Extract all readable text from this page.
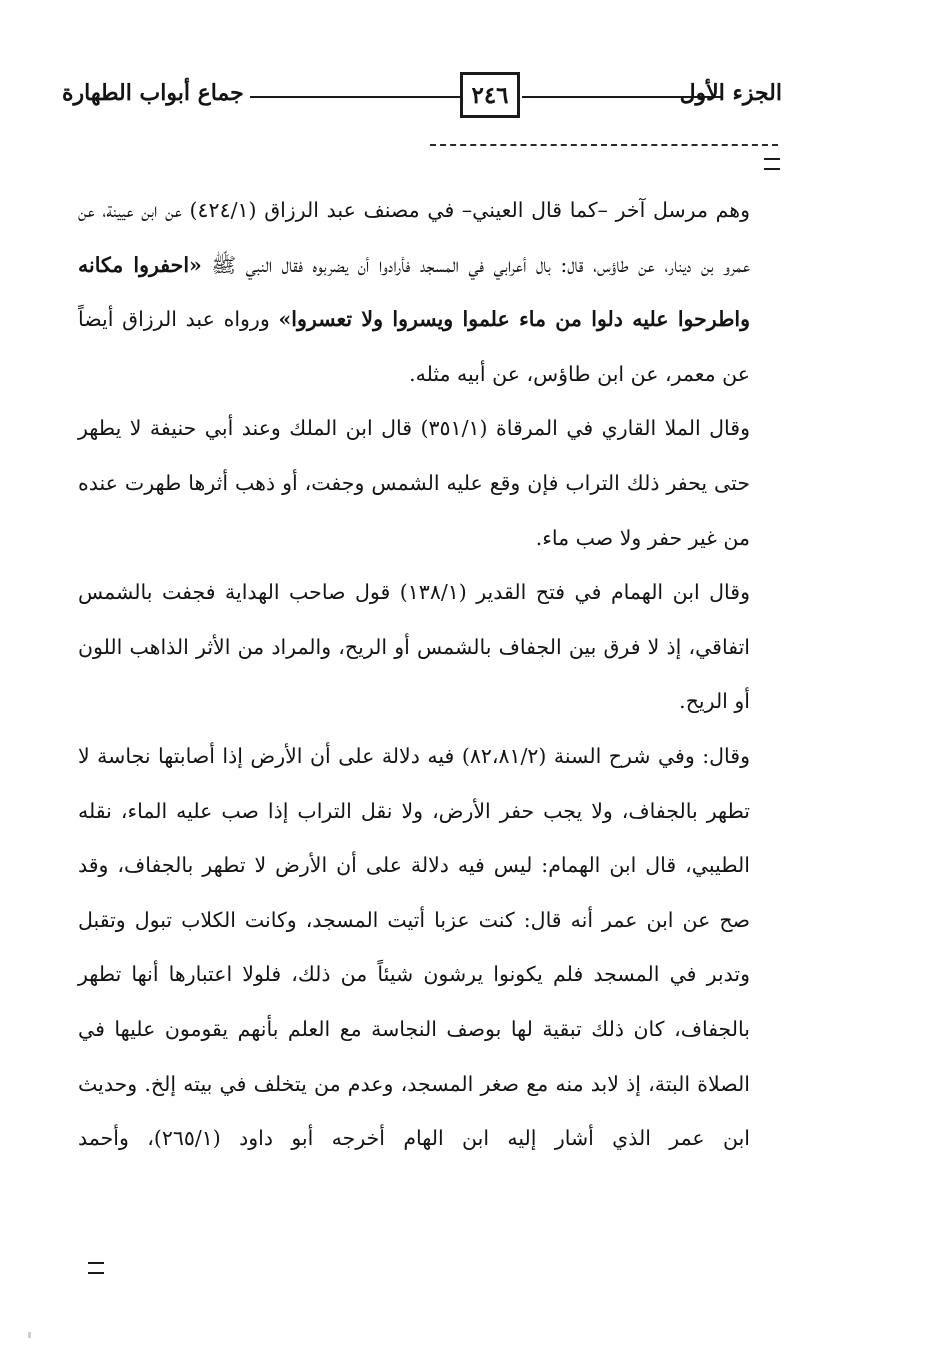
جماع أبواب الطهارة	٢٤٦	الجزء الأول

وهم مرسل آخر –كما قال العيني– في مصنف عبد الرزاق (٤٢٤/١) عن ابن عيينة، عن عمرو بن دينار، عن طاؤس، قال: بال أعرابي في المسجد فأرادوا أن يضربوه فقال النبي ﷺ «احفروا مكانه واطرحوا عليه دلوا من ماء علموا ويسروا ولا تعسروا» ورواه عبد الرزاق أيضاً عن معمر، عن ابن طاؤس، عن أبيه مثله.

وقال الملا القاري في المرقاة (٣٥١/١) قال ابن الملك وعند أبي حنيفة لا يطهر حتى يحفر ذلك التراب فإن وقع عليه الشمس وجفت، أو ذهب أثرها طهرت عنده من غير حفر ولا صب ماء.

وقال ابن الهمام في فتح القدير (١٣٨/١) قول صاحب الهداية فجفت بالشمس اتفاقي، إذ لا فرق بين الجفاف بالشمس أو الريح، والمراد من الأثر الذاهب اللون أو الريح.

وقال: وفي شرح السنة (٨٢،٨١/٢) فيه دلالة على أن الأرض إذا أصابتها نجاسة لا تطهر بالجفاف، ولا يجب حفر الأرض، ولا نقل التراب إذا صب عليه الماء، نقله الطيبي، قال ابن الهمام: ليس فيه دلالة على أن الأرض لا تطهر بالجفاف، وقد صح عن ابن عمر أنه قال: كنت عزبا أتيت المسجد، وكانت الكلاب تبول وتقبل وتدبر في المسجد فلم يكونوا يرشون شيئاً من ذلك، فلولا اعتبارها أنها تطهر بالجفاف، كان ذلك تبقية لها بوصف النجاسة مع العلم بأنهم يقومون عليها في الصلاة البتة، إذ لابد منه مع صغر المسجد، وعدم من يتخلف في بيته إلخ. وحديث ابن عمر الذي أشار إليه ابن الهام أخرجه أبو داود (٢٦٥/١)، وأحمد
